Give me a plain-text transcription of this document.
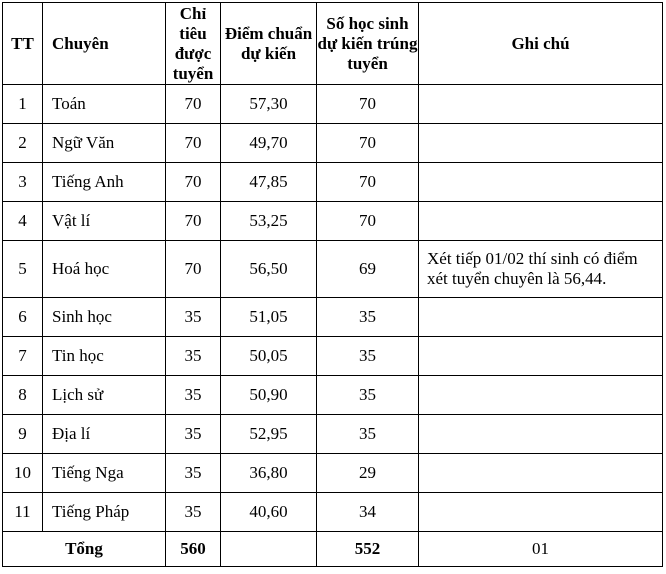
TT	Chuyên	Chỉ tiêu được tuyển	Điểm chuẩn dự kiến	Số học sinh dự kiến trúng tuyển	Ghi chú
1	Toán	70	57,30	70	
2	Ngữ Văn	70	49,70	70	
3	Tiếng Anh	70	47,85	70	
4	Vật lí	70	53,25	70	
5	Hoá học	70	56,50	69	Xét tiếp 01/02 thí sinh có điểm xét tuyển chuyên là 56,44.
6	Sinh học	35	51,05	35	
7	Tin học	35	50,05	35	
8	Lịch sử	35	50,90	35	
9	Địa lí	35	52,95	35	
10	Tiếng Nga	35	36,80	29	
11	Tiếng Pháp	35	40,60	34	
Tổng		560		552	01
